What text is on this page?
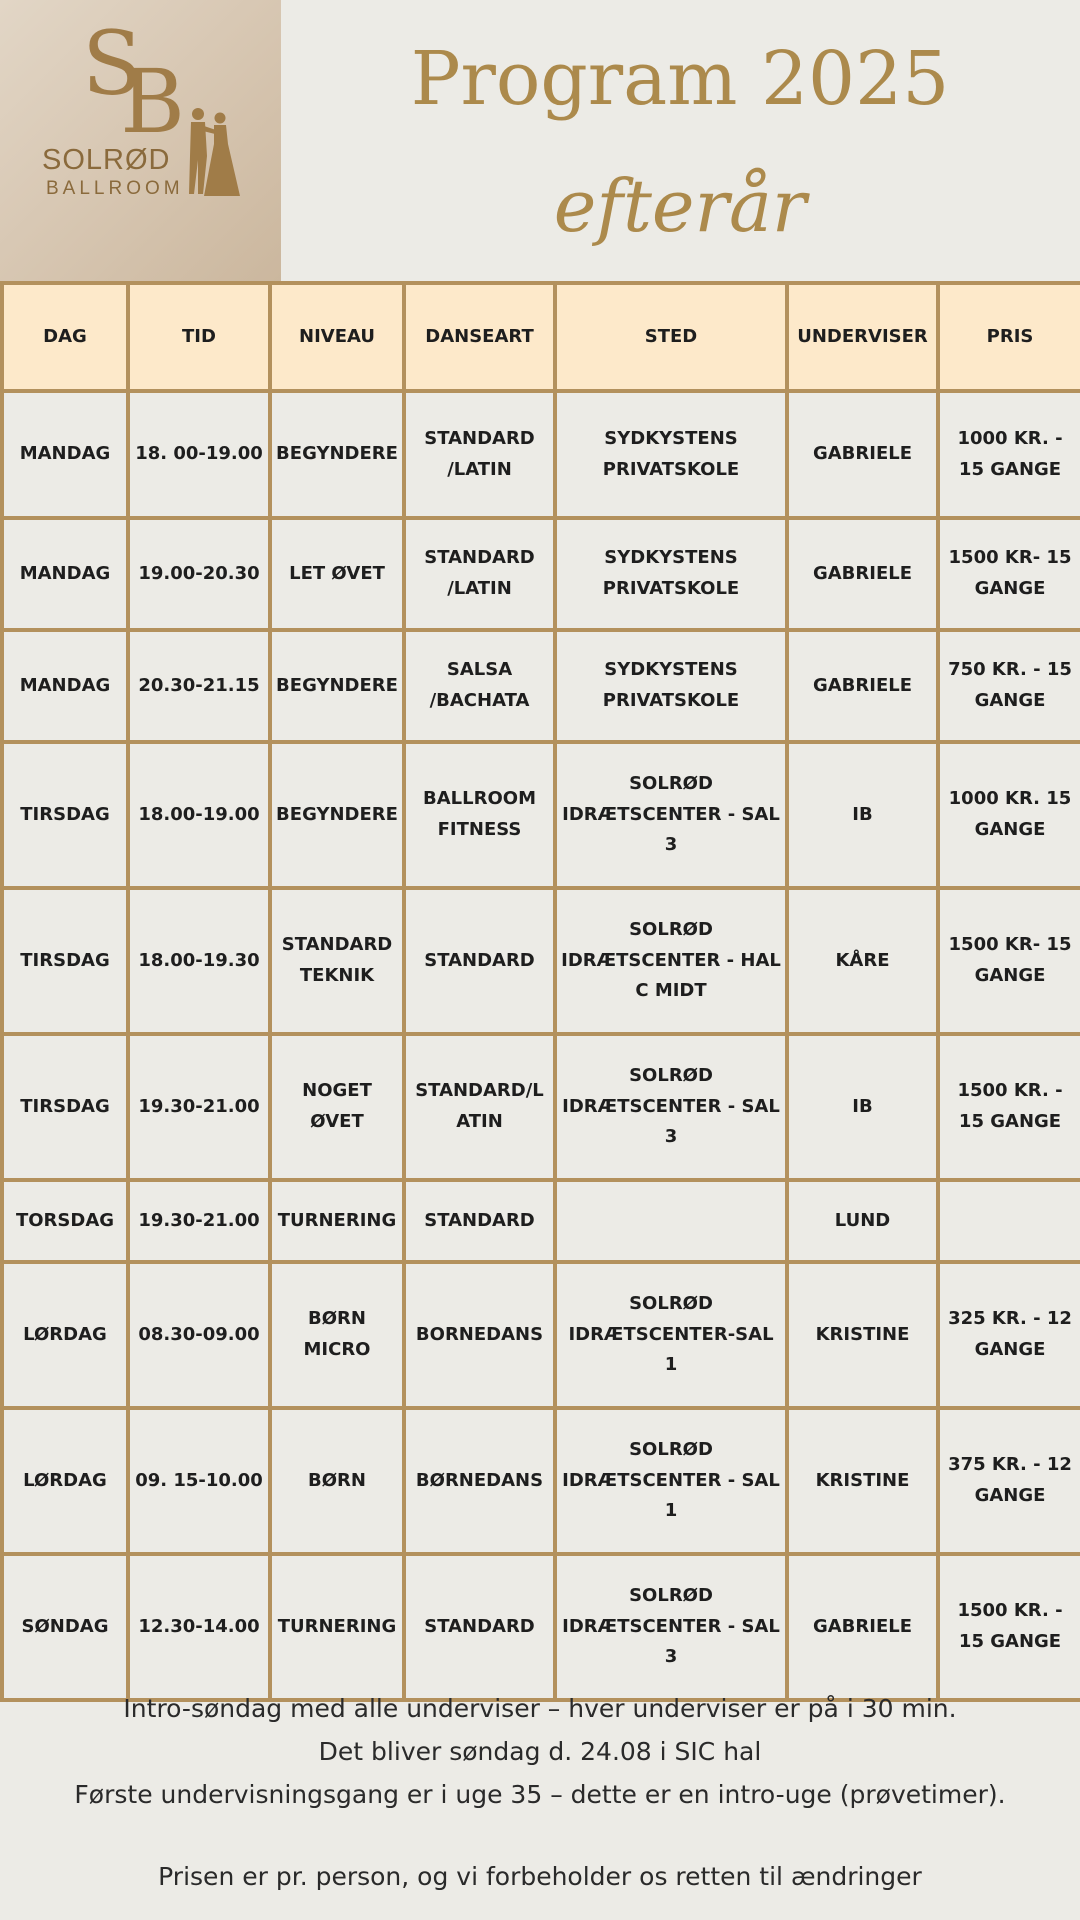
SB
SOLRØD
BALLROOM
Program 2025
efterår
DAG	TID	NIVEAU	DANSEART	STED	UNDERVISER	PRIS
MANDAG	18. 00-19.00	BEGYNDERE	STANDARD /LATIN	SYDKYSTENS PRIVATSKOLE	GABRIELE	1000 KR. - 15 GANGE
MANDAG	19.00-20.30	LET ØVET	STANDARD /LATIN	SYDKYSTENS PRIVATSKOLE	GABRIELE	1500 KR- 15 GANGE
MANDAG	20.30-21.15	BEGYNDERE	SALSA /BACHATA	SYDKYSTENS PRIVATSKOLE	GABRIELE	750 KR. - 15 GANGE
TIRSDAG	18.00-19.00	BEGYNDERE	BALLROOM FITNESS	SOLRØD IDRÆTSCENTER - SAL 3	IB	1000 KR. 15 GANGE
TIRSDAG	18.00-19.30	STANDARD TEKNIK	STANDARD	SOLRØD IDRÆTSCENTER - HAL C MIDT	KÅRE	1500 KR- 15 GANGE
TIRSDAG	19.30-21.00	NOGET ØVET	STANDARD/LATIN	SOLRØD IDRÆTSCENTER - SAL 3	IB	1500 KR. - 15 GANGE
TORSDAG	19.30-21.00	TURNERING	STANDARD		LUND	
LØRDAG	08.30-09.00	BØRN MICRO	BORNEDANS	SOLRØD IDRÆTSCENTER-SAL 1	KRISTINE	325 KR. - 12 GANGE
LØRDAG	09. 15-10.00	BØRN	BØRNEDANS	SOLRØD IDRÆTSCENTER - SAL 1	KRISTINE	375 KR. - 12 GANGE
SØNDAG	12.30-14.00	TURNERING	STANDARD	SOLRØD IDRÆTSCENTER - SAL 3	GABRIELE	1500 KR. - 15 GANGE
Intro-søndag med alle underviser – hver underviser er på i 30 min.
Det bliver søndag d. 24.08 i SIC hal
Første undervisningsgang er i uge 35 – dette er en intro-uge (prøvetimer).
Prisen er pr. person, og vi forbeholder os retten til ændringer
